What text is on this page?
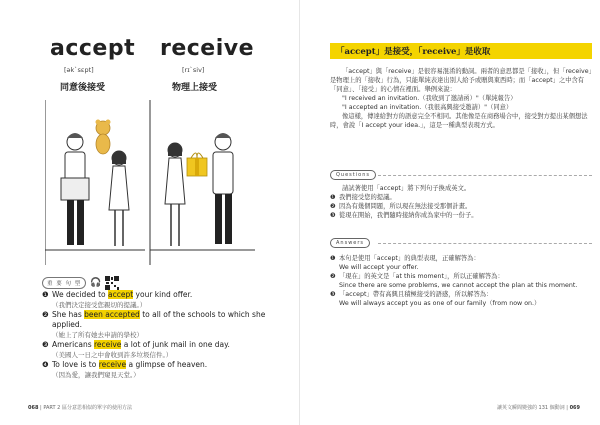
accept
[ək`sɛpt]
同意後接受
receive
[rɪ`siv]
物理上接受
重 要 句 型	🎧
❶ We decided to accept your kind offer.
（我們決定接受您親切的提議。）
❷ She has been accepted to all of the schools to which she applied.
（她上了所有她去申請的學校）
❸ Americans receive a lot of junk mail in one day.
（美國人一日之中會收到許多垃圾信件。）
❹ To love is to receive a glimpse of heaven.
（因為愛，讓我們窺見天堂。）
068 | PART 2 區分意思相似的單字的使用方法
「accept」是接受，「receive」是收取

「accept」與「receive」是很容易混淆的動詞。兩者的意思都是「接收」，但「receive」是物理上的「接收」行為，只能單純表達出別人給予或贈與東西時；而「accept」之中含有「同意」、「接受」的心情在裡面。舉例來說：

"I received an invitation.（我收到了邀請函）"（單純報告）

"I accepted an invitation.（我很高興接受邀請）"（同意）

像這樣，傳達給對方的語意完全不相同。其他像是在商務場合中，接受對方提出某個想法時，會說「I accept your idea.」，這是一種典型表現方式。

Questions

請試著使用「accept」將下列句子換成英文。

❶ 我們接受您的提議。
❷ 因為有幾個問題，所以現在無法接受那個計畫。
❸ 從現在開始，我們隨時接納你成為家中的一份子。
Answers
❶ 本句是使用「accept」的典型表現，正確解答為：
We will accept your offer.
❷ 「現在」的英文是「at this moment」，所以正確解答為：
Since there are some problems, we cannot accept the plan at this moment.
❸ 「accept」帶有高興且積極接受的語感，所以解答為：
We will always accept you as one of our family（from now on.）
讓英文瞬間變強的 131 個動詞 | 069
